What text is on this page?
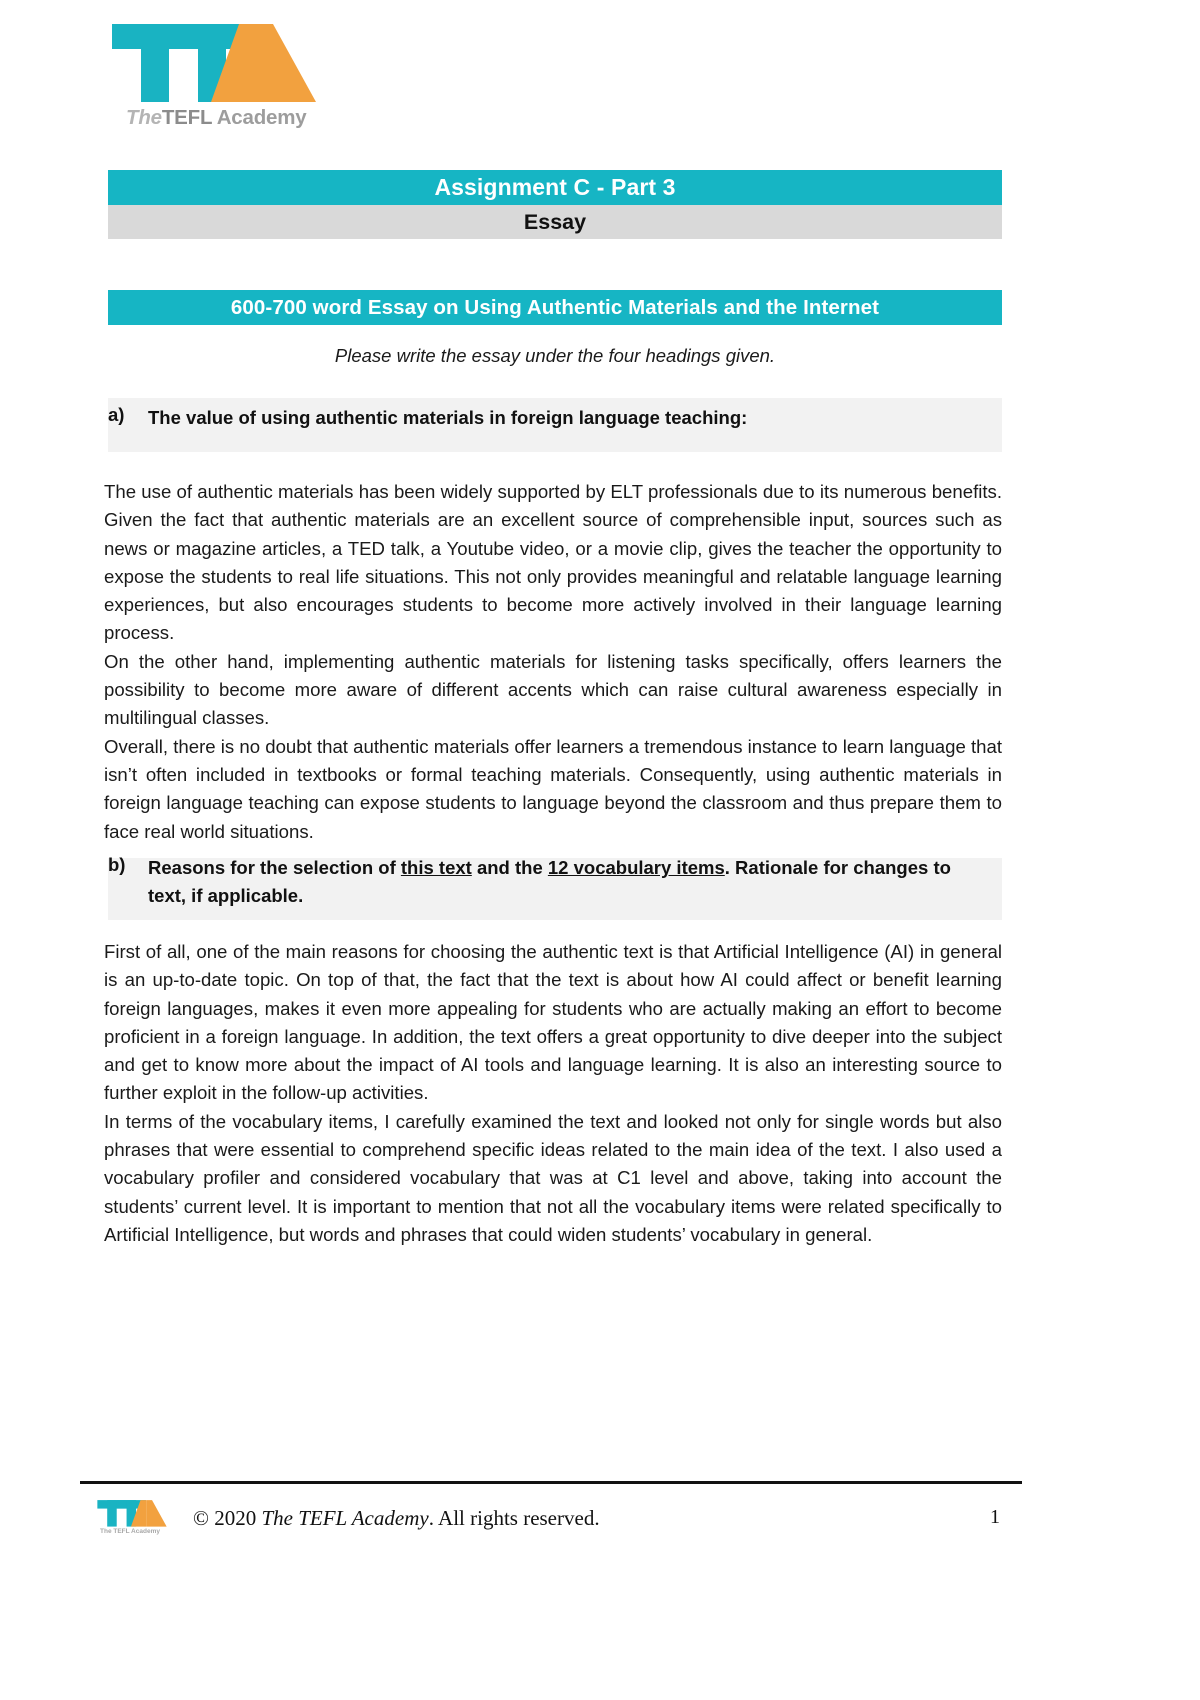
TheTEFL Academy
Assignment C - Part 3
Essay
600-700 word Essay on Using Authentic Materials and the Internet
Please write the essay under the four headings given.
a)	The value of using authentic materials in foreign language teaching:

The use of authentic materials has been widely supported by ELT professionals due to its numerous benefits. Given the fact that authentic materials are an excellent source of comprehensible input, sources such as news or magazine articles, a TED talk, a Youtube video, or a movie clip, gives the teacher the opportunity to expose the students to real life situations. This not only provides meaningful and relatable language learning experiences, but also encourages students to become more actively involved in their language learning process.

On the other hand, implementing authentic materials for listening tasks specifically, offers learners the possibility to become more aware of different accents which can raise cultural awareness especially in multilingual classes.

Overall, there is no doubt that authentic materials offer learners a tremendous instance to learn language that isn’t often included in textbooks or formal teaching materials. Consequently, using authentic materials in foreign language teaching can expose students to language beyond the classroom and thus prepare them to face real world situations.

b)	Reasons for the selection of this text and the 12 vocabulary items. Rationale for changes to text, if applicable.

First of all, one of the main reasons for choosing the authentic text is that Artificial Intelligence (AI) in general is an up-to-date topic. On top of that, the fact that the text is about how AI could affect or benefit learning foreign languages, makes it even more appealing for students who are actually making an effort to become proficient in a foreign language. In addition, the text offers a great opportunity to dive deeper into the subject and get to know more about the impact of AI tools and language learning. It is also an interesting source to further exploit in the follow-up activities.

In terms of the vocabulary items, I carefully examined the text and looked not only for single words but also phrases that were essential to comprehend specific ideas related to the main idea of the text. I also used a vocabulary profiler and considered vocabulary that was at C1 level and above, taking into account the students’ current level. It is important to mention that not all the vocabulary items were related specifically to Artificial Intelligence, but words and phrases that could widen students’ vocabulary in general.

The TEFL Academy
© 2020 The TEFL Academy. All rights reserved.	1
